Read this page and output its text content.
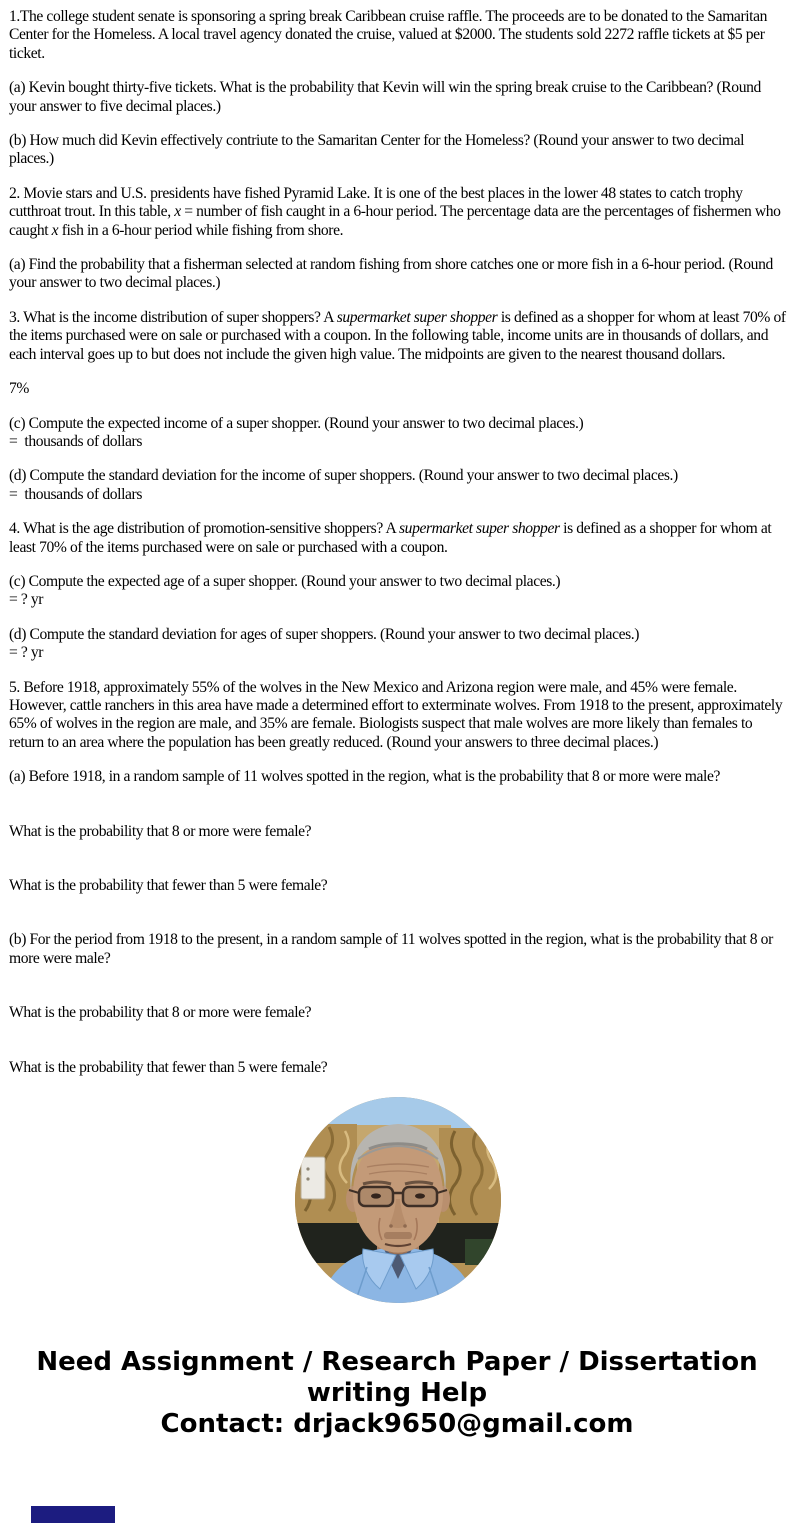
1.The college student senate is sponsoring a spring break Caribbean cruise raffle. The proceeds are to be donated to the Samaritan Center for the Homeless. A local travel agency donated the cruise, valued at $2000. The students sold 2272 raffle tickets at $5 per ticket.

(a) Kevin bought thirty-five tickets. What is the probability that Kevin will win the spring break cruise to the Caribbean? (Round your answer to five decimal places.)

(b) How much did Kevin effectively contriute to the Samaritan Center for the Homeless? (Round your answer to two decimal places.)

2. Movie stars and U.S. presidents have fished Pyramid Lake. It is one of the best places in the lower 48 states to catch trophy cutthroat trout. In this table, x = number of fish caught in a 6-hour period. The percentage data are the percentages of fishermen who caught x fish in a 6-hour period while fishing from shore.

(a) Find the probability that a fisherman selected at random fishing from shore catches one or more fish in a 6-hour period. (Round your answer to two decimal places.)

3. What is the income distribution of super shoppers? A supermarket super shopper is defined as a shopper for whom at least 70% of the items purchased were on sale or purchased with a coupon. In the following table, income units are in thousands of dollars, and each interval goes up to but does not include the given high value. The midpoints are given to the nearest thousand dollars.

7%

(c) Compute the expected income of a super shopper. (Round your answer to two decimal places.)
=  thousands of dollars

(d) Compute the standard deviation for the income of super shoppers. (Round your answer to two decimal places.)
=  thousands of dollars

4. What is the age distribution of promotion-sensitive shoppers? A supermarket super shopper is defined as a shopper for whom at least 70% of the items purchased were on sale or purchased with a coupon.

(c) Compute the expected age of a super shopper. (Round your answer to two decimal places.)
= ? yr

(d) Compute the standard deviation for ages of super shoppers. (Round your answer to two decimal places.)
= ? yr

5. Before 1918, approximately 55% of the wolves in the New Mexico and Arizona region were male, and 45% were female. However, cattle ranchers in this area have made a determined effort to exterminate wolves. From 1918 to the present, approximately 65% of wolves in the region are male, and 35% are female. Biologists suspect that male wolves are more likely than females to return to an area where the population has been greatly reduced. (Round your answers to three decimal places.)

(a) Before 1918, in a random sample of 11 wolves spotted in the region, what is the probability that 8 or more were male?

What is the probability that 8 or more were female?

What is the probability that fewer than 5 were female?

(b) For the period from 1918 to the present, in a random sample of 11 wolves spotted in the region, what is the probability that 8 or more were male?

What is the probability that 8 or more were female?

What is the probability that fewer than 5 were female?

Need Assignment / Research Paper / Dissertation
writing Help
Contact: drjack9650@gmail.com
